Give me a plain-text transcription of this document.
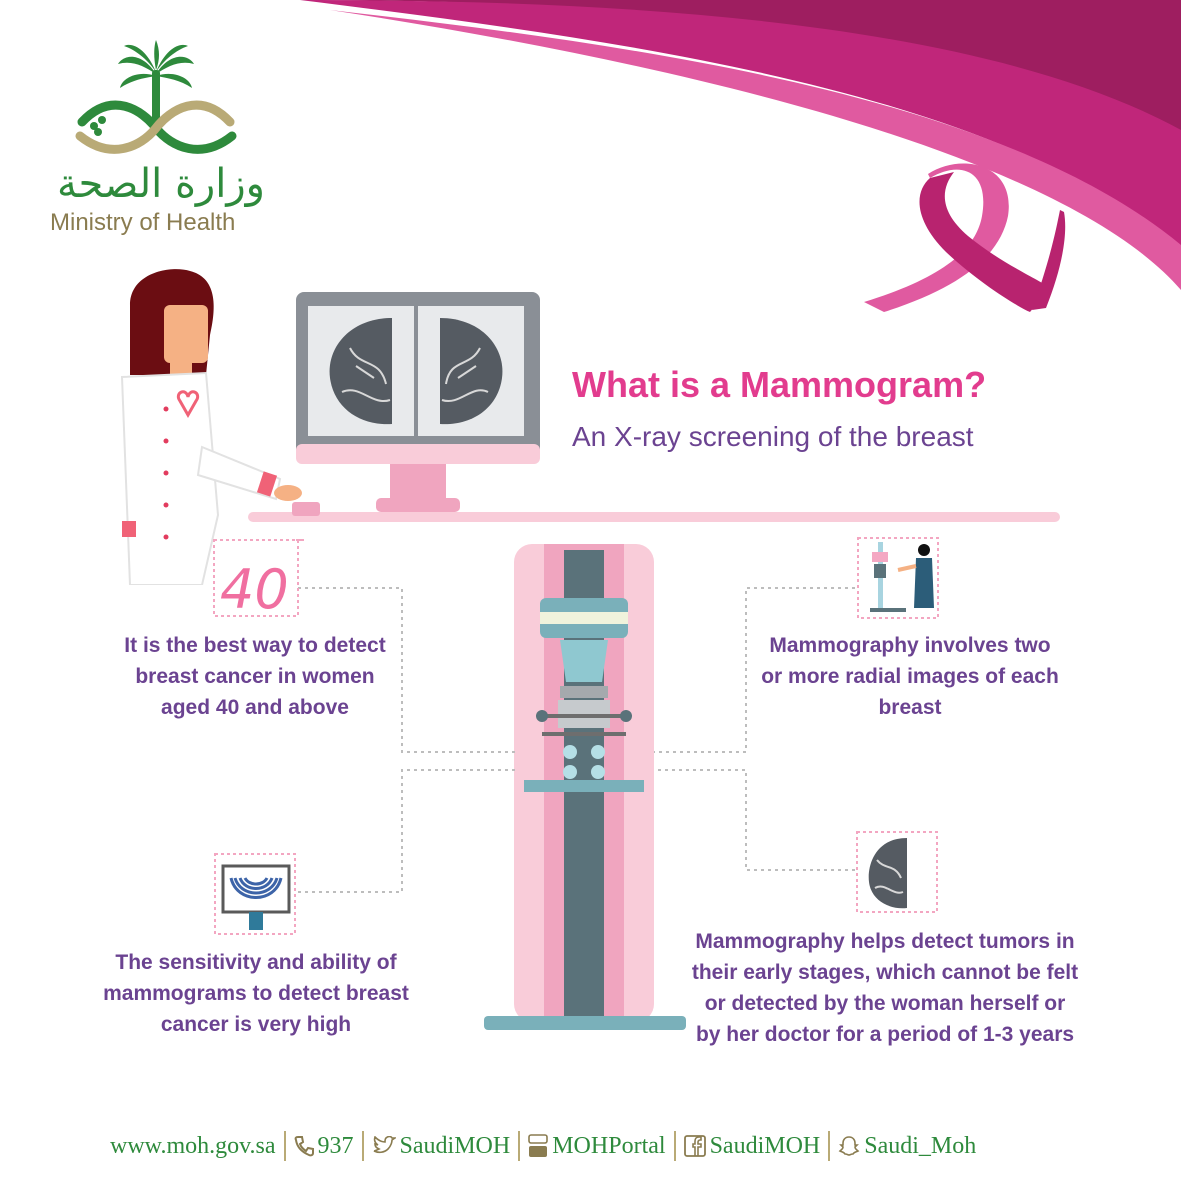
وزارة الصحة
Ministry of Health
40
What is a Mammogram?
An X-ray screening of the breast
It is the best way to detect breast cancer in women aged 40 and above
Mammography involves two or more radial images of each breast
The sensitivity and ability of mammograms to detect breast cancer is very high
Mammography helps detect tumors in their early stages, which cannot be felt or detected by the woman herself or by her doctor for a period of 1-3 years
www.moh.gov.sa 937 SaudiMOH MOHPortal SaudiMOH Saudi_Moh
